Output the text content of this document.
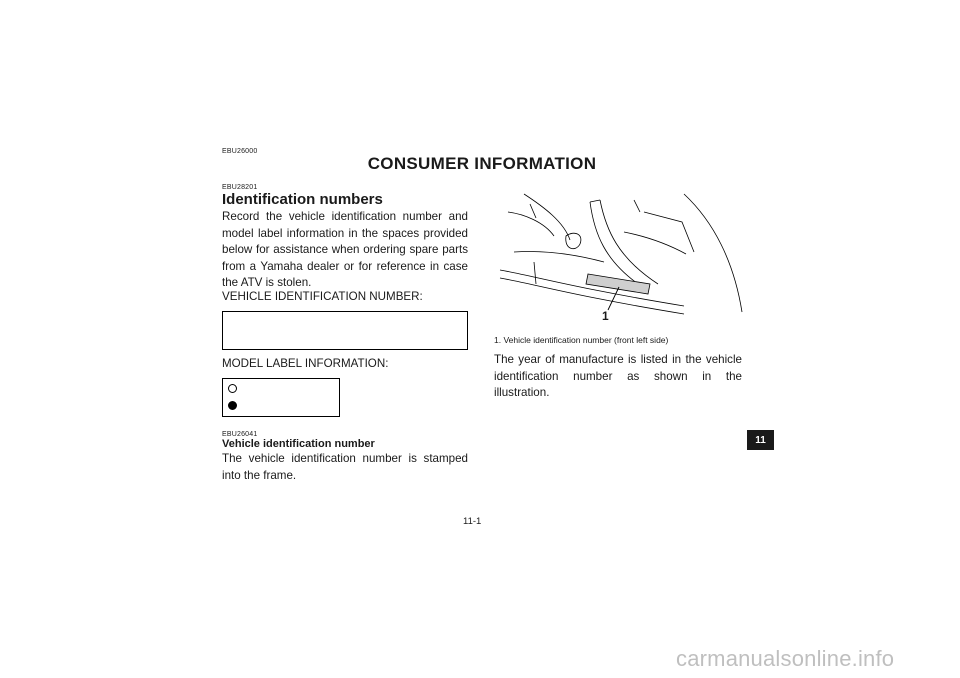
EBU26000
CONSUMER INFORMATION
EBU28201
Identification numbers
Record the vehicle identification number and model label information in the spaces provided below for assistance when ordering spare parts from a Yamaha dealer or for reference in case the ATV is stolen.
VEHICLE IDENTIFICATION NUMBER:
MODEL LABEL INFORMATION:
EBU26041
Vehicle identification number
The vehicle identification number is stamped into the frame.
1
1. Vehicle identification number (front left side)
The year of manufacture is listed in the vehicle identification number as shown in the illustration.
11
11-1
carmanualsonline.info
